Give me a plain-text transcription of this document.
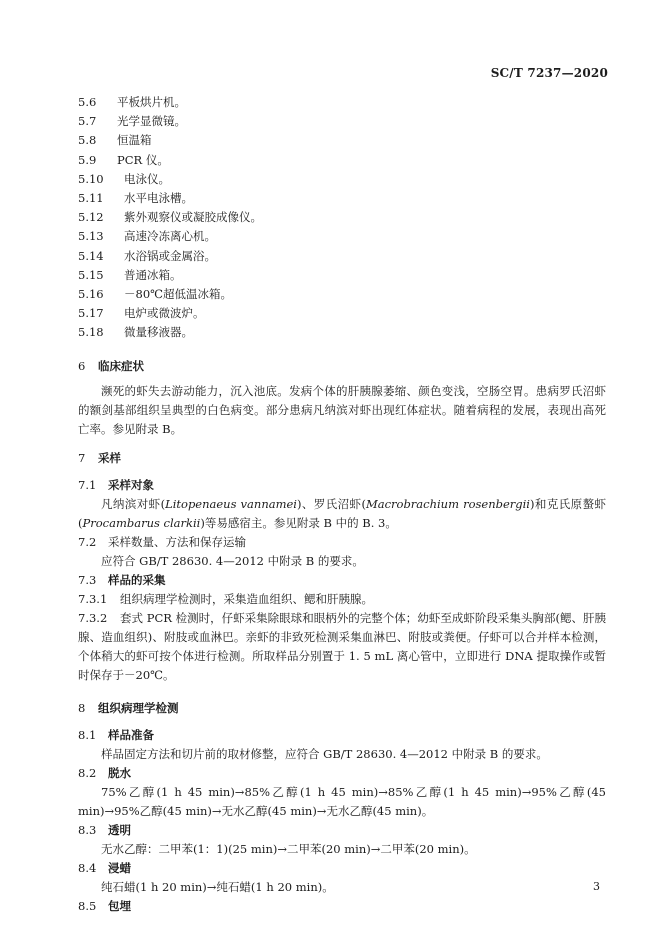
SC/T 7237—2020
5.6 平板烘片机。
5.7 光学显微镜。
5.8 恒温箱
5.9 PCR 仪。
5.10 电泳仪。
5.11 水平电泳槽。
5.12 紫外观察仪或凝胶成像仪。
5.13 高速冷冻离心机。
5.14 水浴锅或金属浴。
5.15 普通冰箱。
5.16 －80℃超低温冰箱。
5.17 电炉或微波炉。
5.18 微量移液器。
6 临床症状
濒死的虾失去游动能力，沉入池底。发病个体的肝胰腺萎缩、颜色变浅，空肠空胃。患病罗氏沼虾的额剑基部组织呈典型的白色病变。部分患病凡纳滨对虾出现红体症状。随着病程的发展，表现出高死亡率。参见附录 B。
7 采样
7.1 采样对象
凡纳滨对虾(Litopenaeus vannamei)、罗氏沼虾(Macrobrachium rosenbergii)和克氏原螯虾(Procambarus clarkii)等易感宿主。参见附录 B 中的 B. 3。
7.2 采样数量、方法和保存运输
应符合 GB/T 28630. 4—2012 中附录 B 的要求。
7.3 样品的采集
7.3.1 组织病理学检测时，采集造血组织、鳃和肝胰腺。
7.3.2 套式 PCR 检测时，仔虾采集除眼球和眼柄外的完整个体；幼虾至成虾阶段采集头胸部(鳃、肝胰腺、造血组织)、附肢或血淋巴。亲虾的非致死检测采集血淋巴、附肢或粪便。仔虾可以合并样本检测，个体稍大的虾可按个体进行检测。所取样品分别置于 1. 5 mL 离心管中，立即进行 DNA 提取操作或暂时保存于－20℃。
8 组织病理学检测
8.1 样品准备
样品固定方法和切片前的取材修整，应符合 GB/T 28630. 4—2012 中附录 B 的要求。
8.2 脱水
75%乙醇(1 h 45 min)→85%乙醇(1 h 45 min)→85%乙醇(1 h 45 min)→95%乙醇(45 min)→95%乙醇(45 min)→无水乙醇(45 min)→无水乙醇(45 min)。
8.3 透明
无水乙醇：二甲苯(1：1)(25 min)→二甲苯(20 min)→二甲苯(20 min)。
8.4 浸蜡
纯石蜡(1 h 20 min)→纯石蜡(1 h 20 min)。
8.5 包埋
3
